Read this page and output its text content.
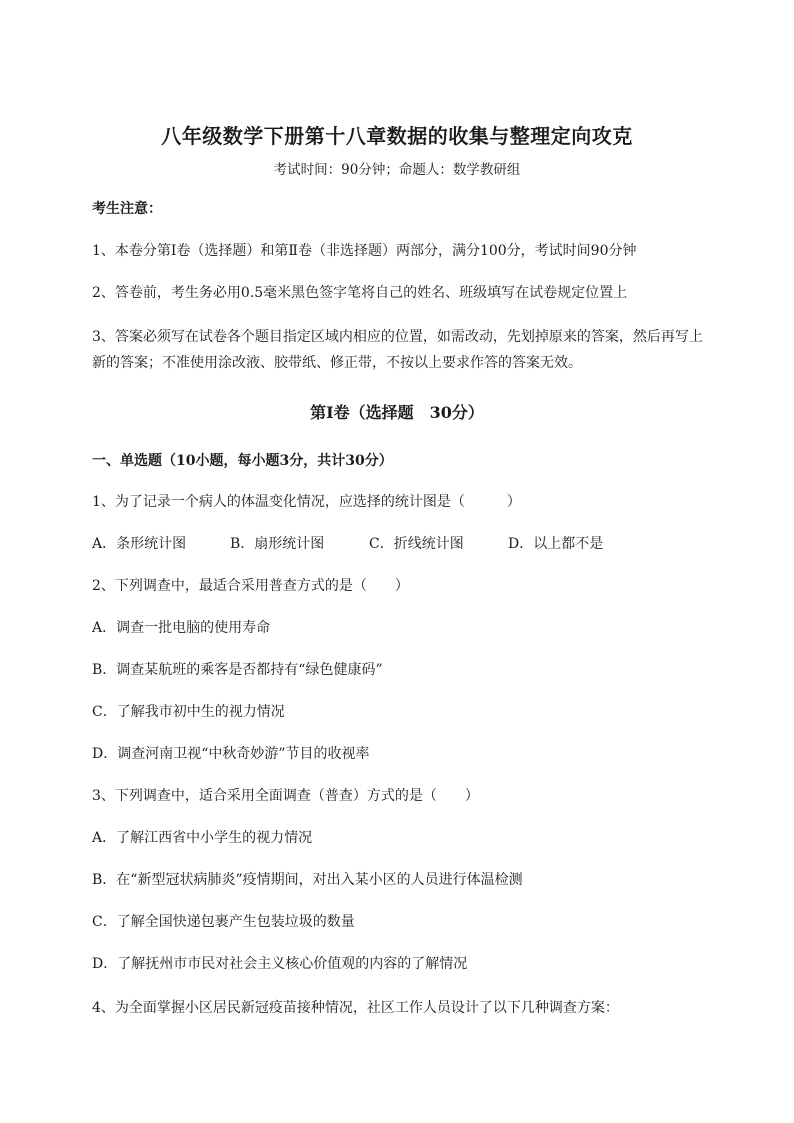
八年级数学下册第十八章数据的收集与整理定向攻克
考试时间：90分钟；命题人：数学教研组
考生注意：
1、本卷分第I卷（选择题）和第Ⅱ卷（非选择题）两部分，满分100分，考试时间90分钟
2、答卷前，考生务必用0.5毫米黑色签字笔将自己的姓名、班级填写在试卷规定位置上
3、答案必须写在试卷各个题目指定区域内相应的位置，如需改动，先划掉原来的答案，然后再写上新的答案；不准使用涂改液、胶带纸、修正带，不按以上要求作答的答案无效。
第I卷（选择题　30分）
一、单选题（10小题，每小题3分，共计30分）
1、为了记录一个病人的体温变化情况，应选择的统计图是（　　　）
A．条形统计图	B．扇形统计图	C．折线统计图	D．以上都不是
2、下列调查中，最适合采用普查方式的是（　　）
A．调查一批电脑的使用寿命
B．调查某航班的乘客是否都持有“绿色健康码”
C．了解我市初中生的视力情况
D．调查河南卫视“中秋奇妙游”节目的收视率
3、下列调查中，适合采用全面调查（普查）方式的是（　　）
A．了解江西省中小学生的视力情况
B．在“新型冠状病肺炎”疫情期间，对出入某小区的人员进行体温检测
C．了解全国快递包裹产生包装垃圾的数量
D．了解抚州市市民对社会主义核心价值观的内容的了解情况
4、为全面掌握小区居民新冠疫苗接种情况，社区工作人员设计了以下几种调查方案：
